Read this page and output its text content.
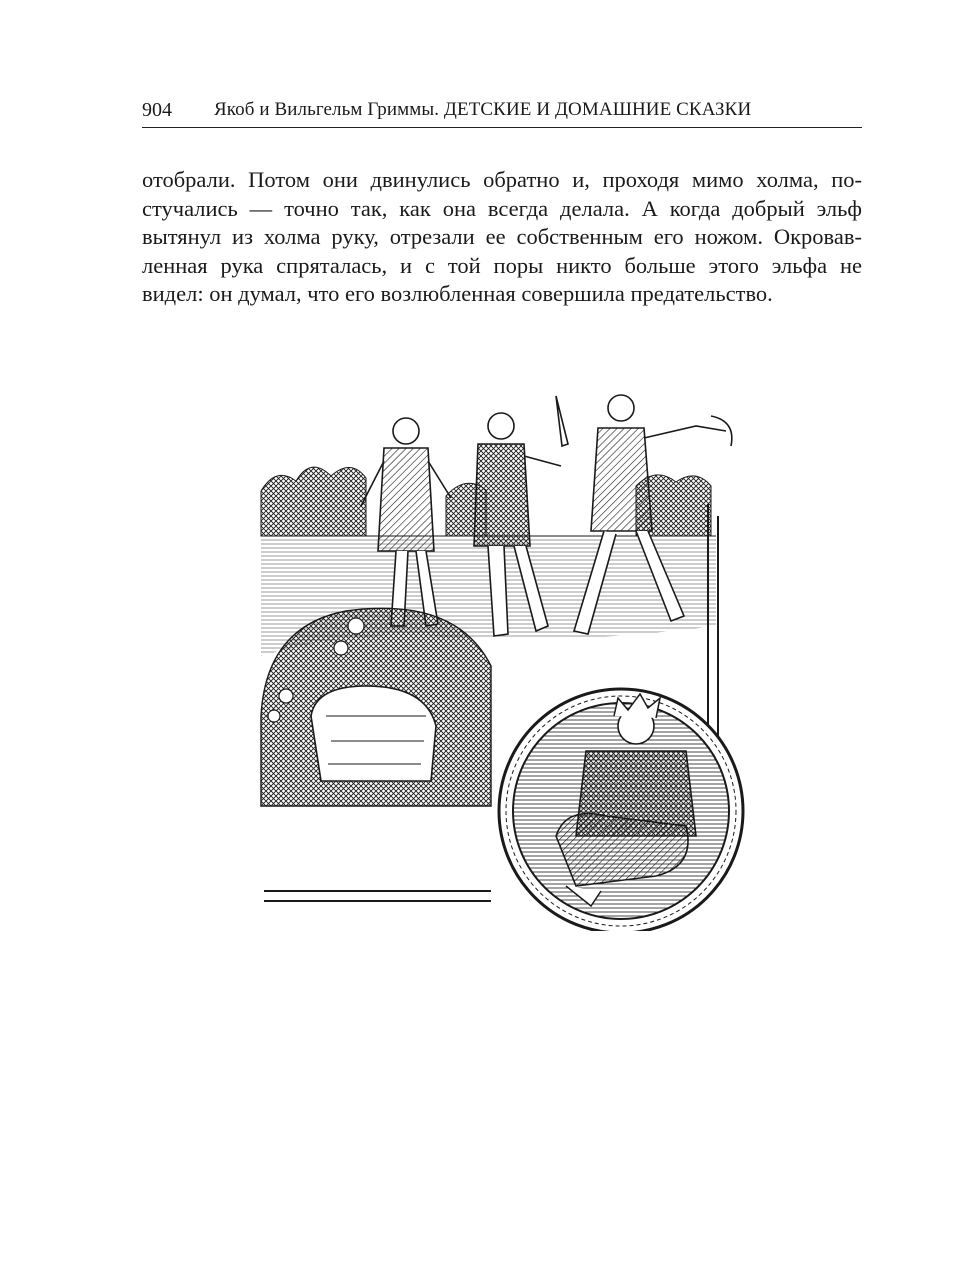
904 Якоб и Вильгельм Гриммы. ДЕТСКИЕ И ДОМАШНИЕ СКАЗКИ
отобрали. Потом они двинулись обратно и, проходя мимо холма, по-
стучались — точно так, как она всегда делала. А когда добрый эльф
вытянул из холма руку, отрезали ее собственным его ножом. Окровав-
ленная рука спряталась, и с той поры никто больше этого эльфа не
видел: он думал, что его возлюбленная совершила предательство.
